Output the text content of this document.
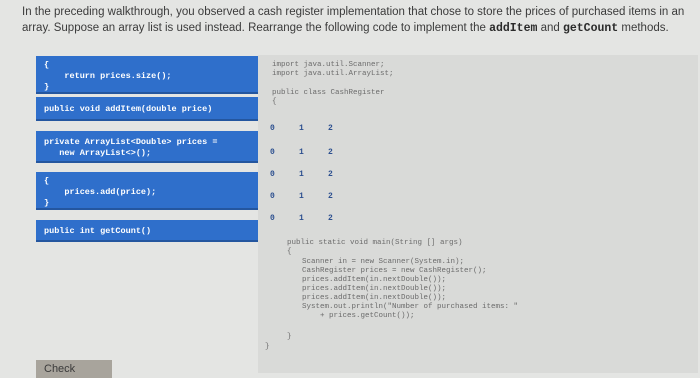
In the preceding walkthrough, you observed a cash register implementation that chose to store the prices of purchased items in an array. Suppose an array list is used instead. Rearrange the following code to implement the addItem and getCount methods.
{
return prices.size();
}
public void addItem(double price)
private ArrayList<Double> prices =
new ArrayList<>();
{
prices.add(price);
}
public int getCount()
import java.util.Scanner;
import java.util.ArrayList;
public class CashRegister
{
0	1	2
0	1	2
0	1	2
0	1	2
0	1	2
public static void main(String [] args)
{
Scanner in = new Scanner(System.in);
CashRegister prices = new CashRegister();
prices.addItem(in.nextDouble());
prices.addItem(in.nextDouble());
prices.addItem(in.nextDouble());
System.out.println("Number of purchased items: "
+ prices.getCount());
}
}
Check
